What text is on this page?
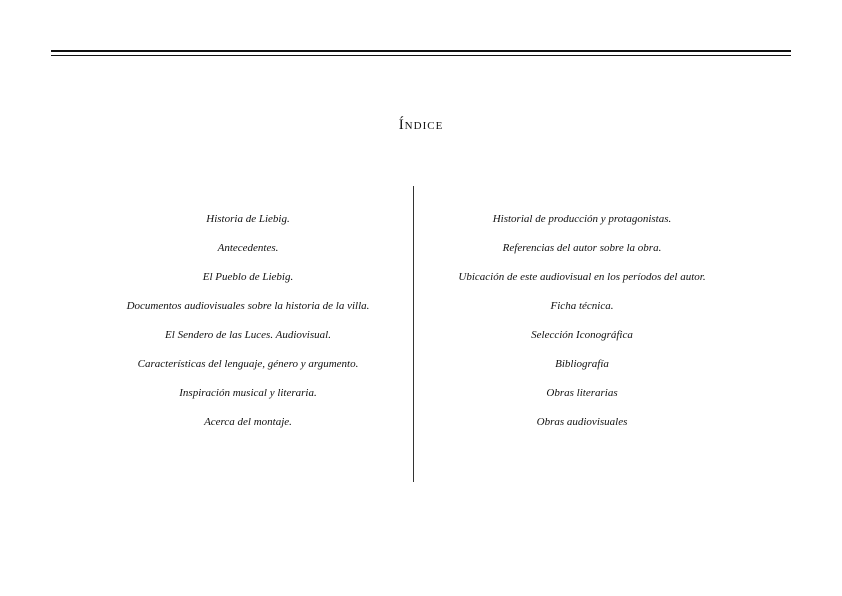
Índice
Historia de Liebig.
Antecedentes.
El Pueblo de Liebig.
Documentos audiovisuales sobre la historia de la villa.
El Sendero de las Luces. Audiovisual.
Características del lenguaje, género y argumento.
Inspiración musical y literaria.
Acerca del montaje.
Historial de producción y protagonistas.
Referencias del autor sobre la obra.
Ubicación de este audiovisual en los períodos del autor.
Ficha técnica.
Selección Iconográfica
Bibliografía
Obras literarias
Obras audiovisuales
